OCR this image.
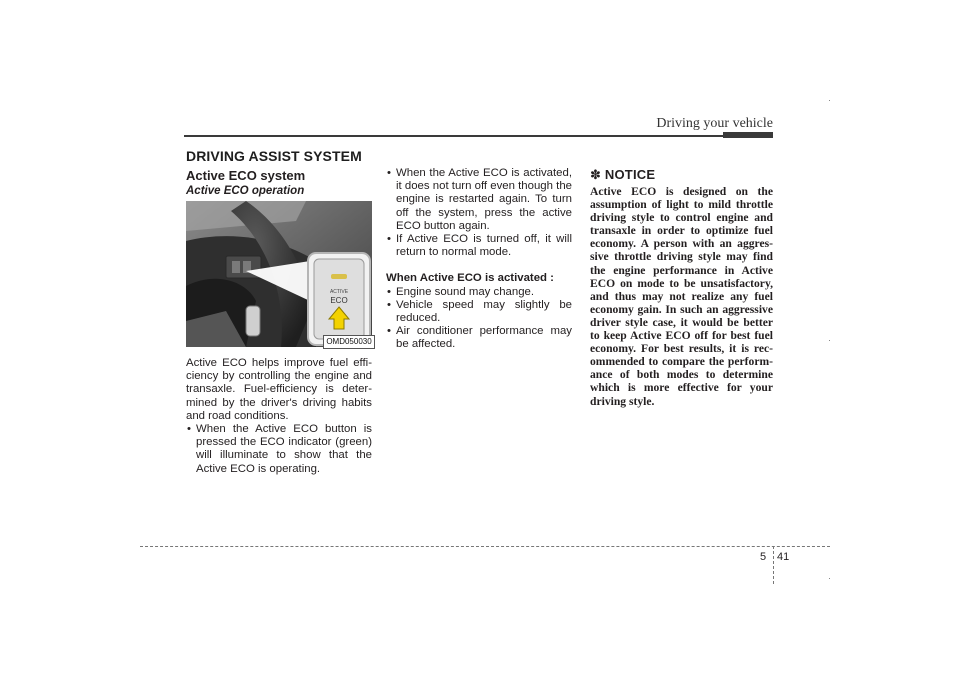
Driving your vehicle
DRIVING ASSIST SYSTEM
Active ECO system
Active ECO operation
ACTIVE
ECO
OMD050030

Active ECO helps improve fuel effi-ciency by controlling the engine and transaxle. Fuel-efficiency is deter-mined by the driver's driving habits and road conditions.

• When the Active ECO button is pressed the ECO indicator (green) will illuminate to show that the Active ECO is operating.
• When the Active ECO is activated, it does not turn off even though the engine is restarted again. To turn off the system, press the active ECO button again.
• If Active ECO is turned off, it will return to normal mode.

When Active ECO is activated :

• Engine sound may change.
• Vehicle speed may slightly be reduced.
• Air conditioner performance may be affected.
✽ NOTICE

Active ECO is designed on the assumption of light to mild throttle driving style to control engine and transaxle in order to optimize fuel economy. A person with an aggres-sive throttle driving style may find the engine performance in Active ECO on mode to be unsatisfactory, and thus may not realize any fuel economy gain. In such an aggressive driver style case, it would be better to keep Active ECO off for best fuel economy. For best results, it is rec-ommended to compare the perform-ance of both modes to determine which is more effective for your driving style.

5 41
